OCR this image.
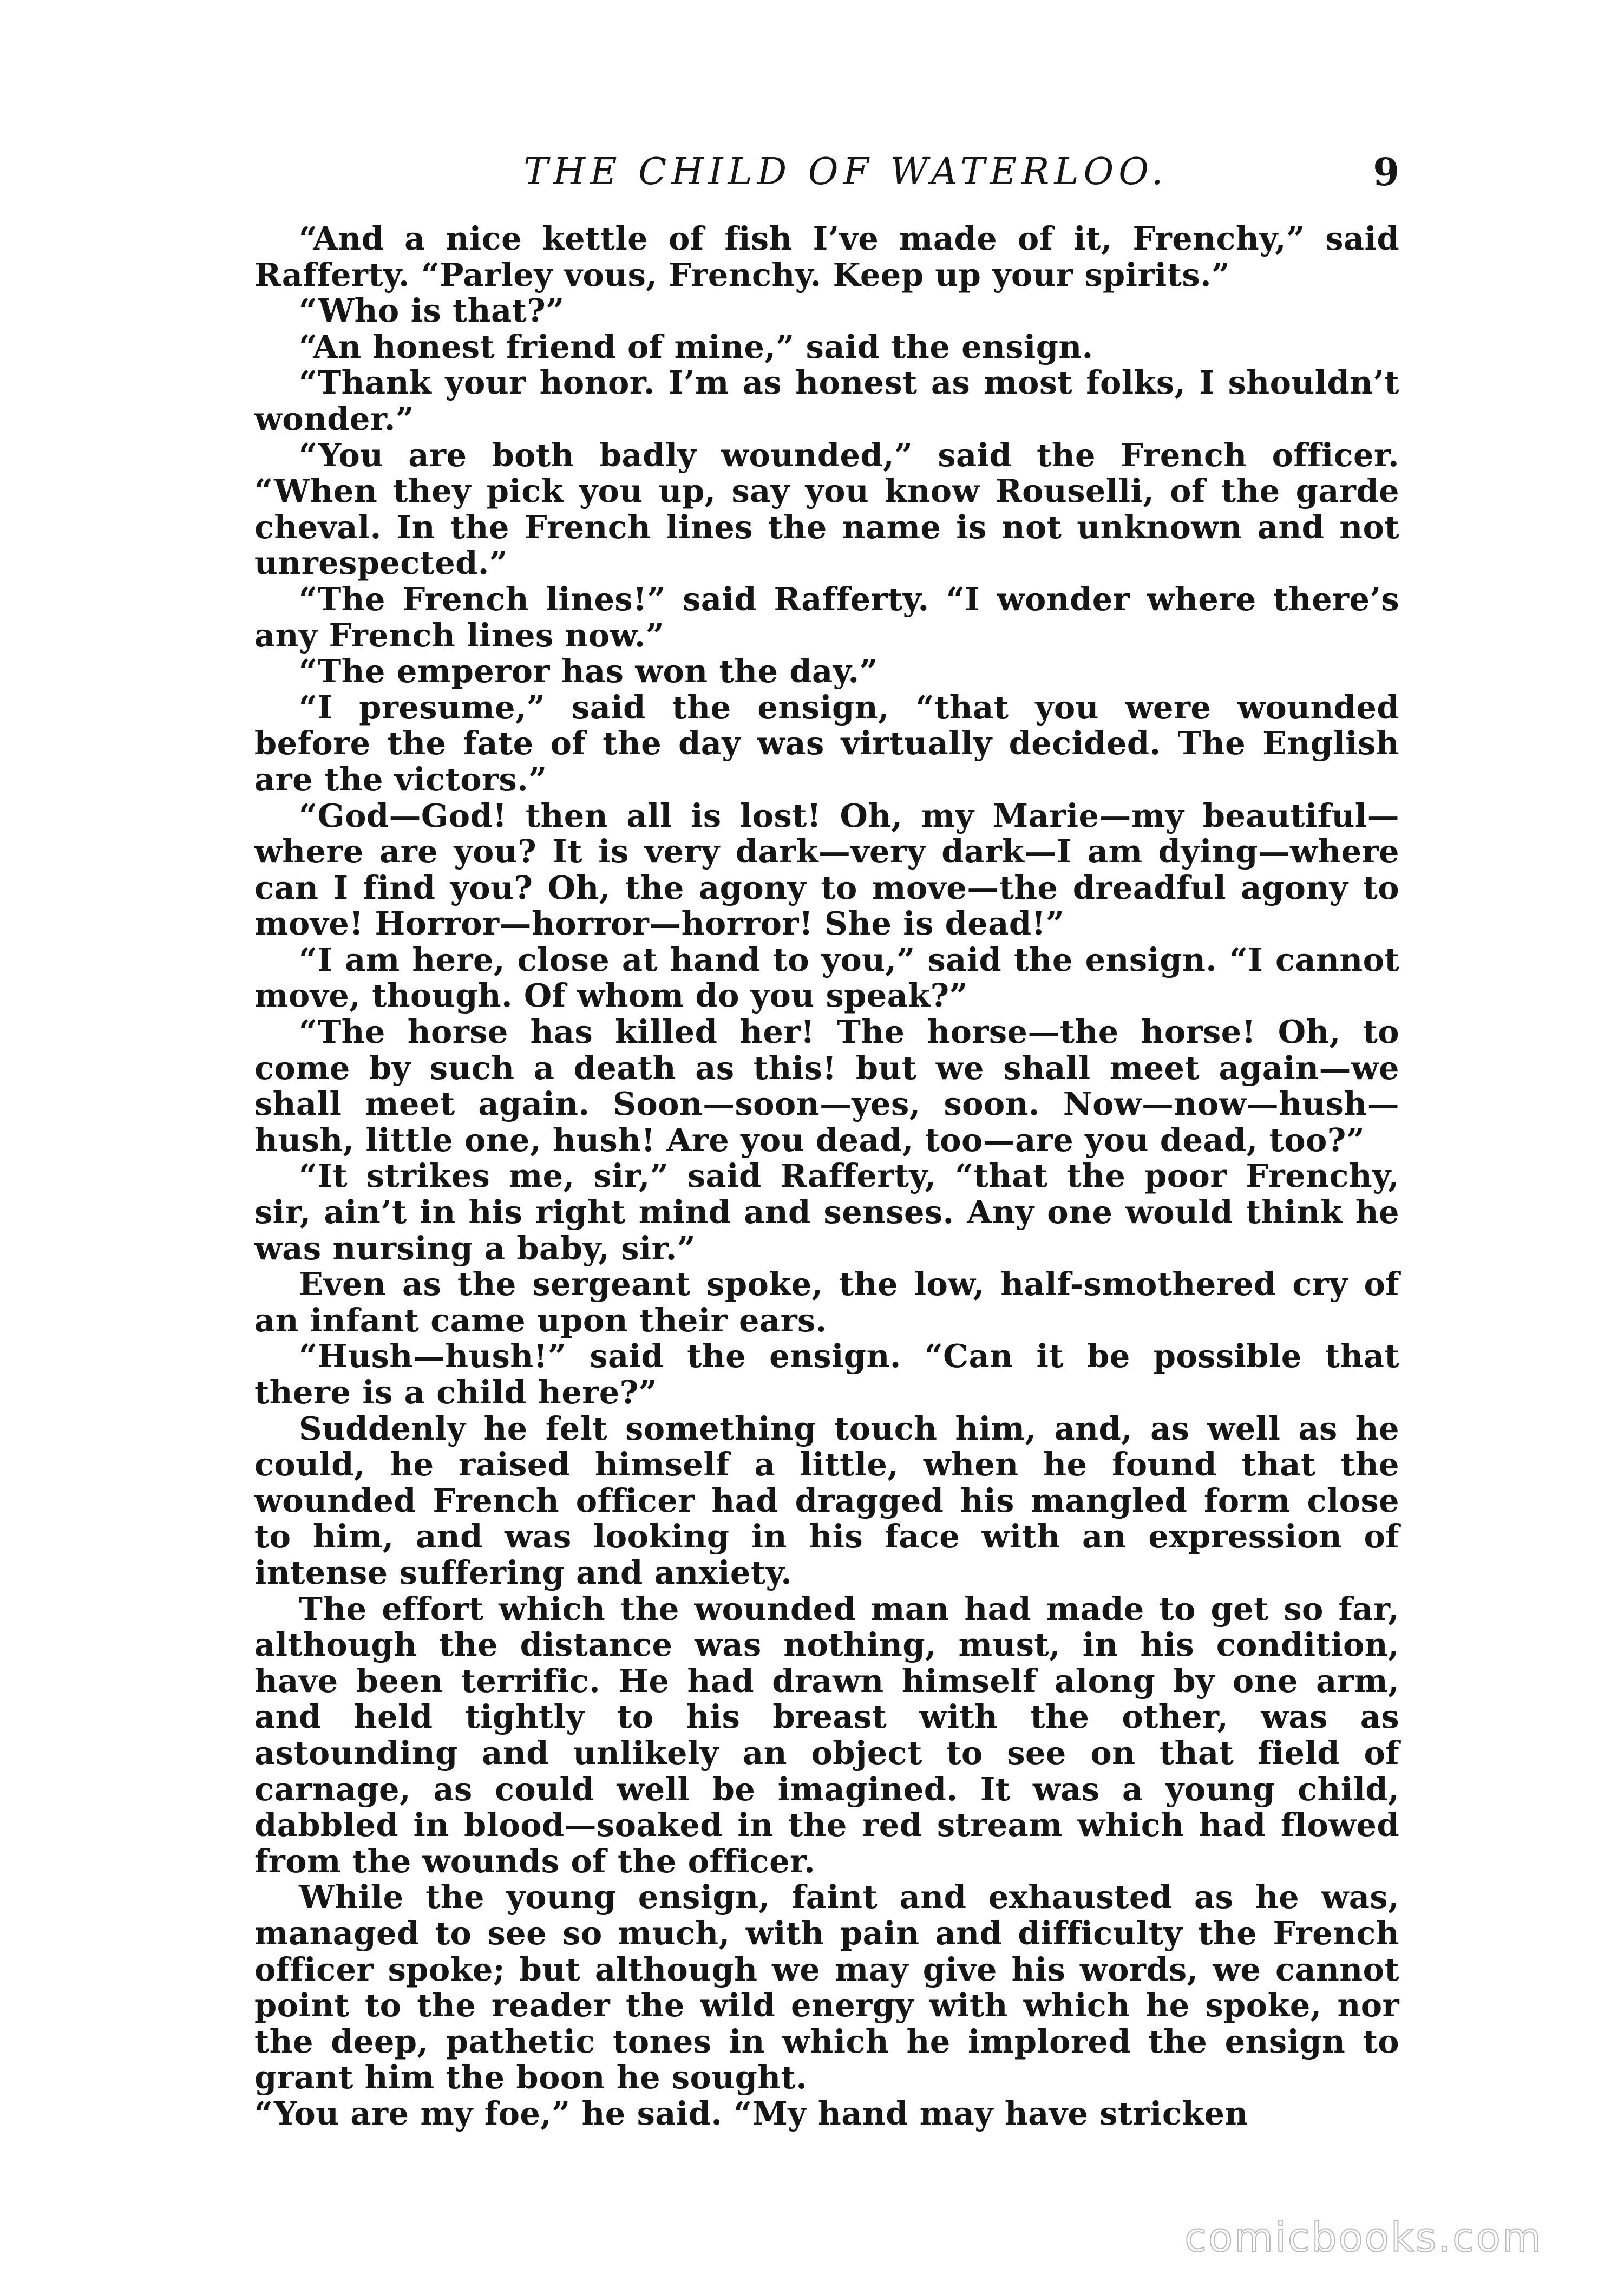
THE CHILD OF WATERLOO.	9

“And a nice kettle of fish I’ve made of it, Frenchy,” said Rafferty. “Parley vous, Frenchy. Keep up your spirits.”

“Who is that?”

“An honest friend of mine,” said the ensign.

“Thank your honor. I’m as honest as most folks, I shouldn’t wonder.”

“You are both badly wounded,” said the French officer. “When they pick you up, say you know Rouselli, of the garde cheval. In the French lines the name is not unknown and not unrespected.”

“The French lines!” said Rafferty. “I wonder where there’s any French lines now.”

“The emperor has won the day.”

“I presume,” said the ensign, “that you were wounded before the fate of the day was virtually decided. The English are the victors.”

“God—God! then all is lost! Oh, my Marie—my beautiful—where are you? It is very dark—very dark—I am dying—where can I find you? Oh, the agony to move—the dreadful agony to move! Horror—horror—horror! She is dead!”

“I am here, close at hand to you,” said the ensign. “I cannot move, though. Of whom do you speak?”

“The horse has killed her! The horse—the horse! Oh, to come by such a death as this! but we shall meet again—we shall meet again. Soon—soon—yes, soon. Now—now—hush—hush, little one, hush! Are you dead, too—are you dead, too?”

“It strikes me, sir,” said Rafferty, “that the poor Frenchy, sir, ain’t in his right mind and senses. Any one would think he was nursing a baby, sir.”

Even as the sergeant spoke, the low, half-smothered cry of an infant came upon their ears.

“Hush—hush!” said the ensign. “Can it be possible that there is a child here?”

Suddenly he felt something touch him, and, as well as he could, he raised himself a little, when he found that the wounded French officer had dragged his mangled form close to him, and was looking in his face with an expression of intense suffering and anxiety.

The effort which the wounded man had made to get so far, although the distance was nothing, must, in his condition, have been terrific. He had drawn himself along by one arm, and held tightly to his breast with the other, was as astounding and unlikely an object to see on that field of carnage, as could well be imagined. It was a young child, dabbled in blood—soaked in the red stream which had flowed from the wounds of the officer.

While the young ensign, faint and exhausted as he was, managed to see so much, with pain and difficulty the French officer spoke; but although we may give his words, we cannot point to the reader the wild energy with which he spoke, nor the deep, pathetic tones in which he implored the ensign to grant him the boon he sought.

“You are my foe,” he said. “My hand may have stricken

comicbooks.com
